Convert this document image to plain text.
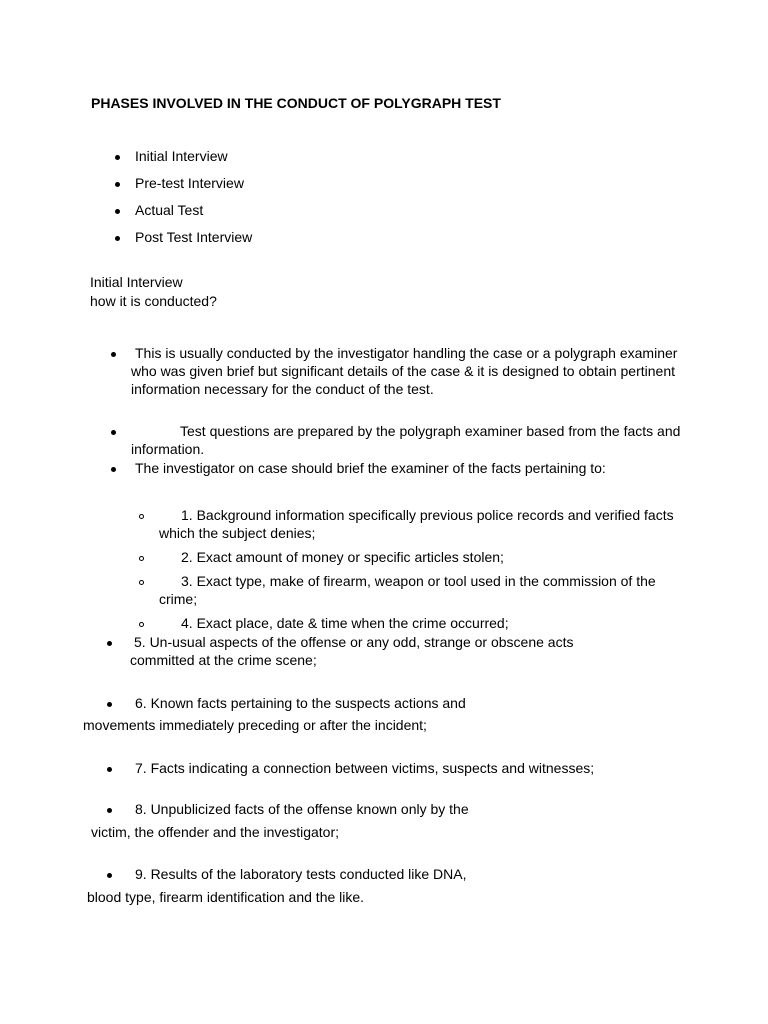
PHASES INVOLVED IN THE CONDUCT OF POLYGRAPH TEST
Initial Interview
Pre-test Interview
Actual Test
Post Test Interview
Initial Interview
how it is conducted?
This is usually conducted by the investigator handling the case or a polygraph examiner who was given brief but significant details of the case & it is designed to obtain pertinent information necessary for the conduct of the test.
Test questions are prepared by the polygraph examiner based from the facts and information.
The investigator on case should brief the examiner of the facts pertaining to:
1. Background information specifically previous police records and verified facts which the subject denies;
2. Exact amount of money or specific articles stolen;
3. Exact type, make of firearm, weapon or tool used in the commission of the crime;
4. Exact place, date & time when the crime occurred;
5. Un-usual aspects of the offense or any odd, strange or obscene acts
committed at the crime scene;
6. Known facts pertaining to the suspects actions and
movements immediately preceding or after the incident;
7. Facts indicating a connection between victims, suspects and witnesses;
8. Unpublicized facts of the offense known only by the
victim, the offender and the investigator;
9. Results of the laboratory tests conducted like DNA,
blood type, firearm identification and the like.
